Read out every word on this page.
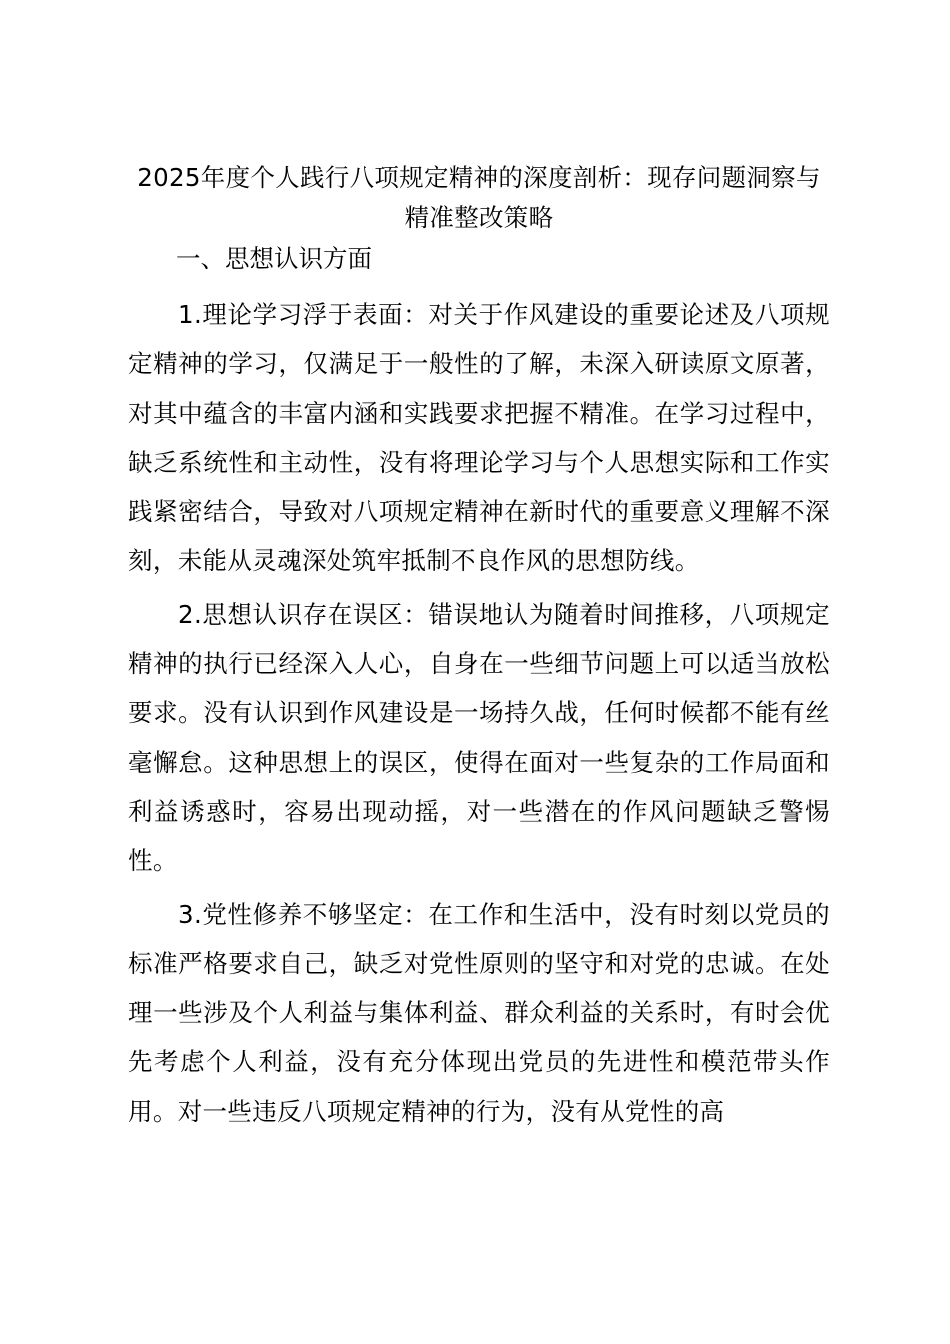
2025年度个人践行八项规定精神的深度剖析：现存问题洞察与
精准整改策略
一、思想认识方面

1.理论学习浮于表面：对关于作风建设的重要论述及八项规定精神的学习，仅满足于一般性的了解，未深入研读原文原著，对其中蕴含的丰富内涵和实践要求把握不精准。在学习过程中，缺乏系统性和主动性，没有将理论学习与个人思想实际和工作实践紧密结合，导致对八项规定精神在新时代的重要意义理解不深刻，未能从灵魂深处筑牢抵制不良作风的思想防线。

2.思想认识存在误区：错误地认为随着时间推移，八项规定精神的执行已经深入人心，自身在一些细节问题上可以适当放松要求。没有认识到作风建设是一场持久战，任何时候都不能有丝毫懈怠。这种思想上的误区，使得在面对一些复杂的工作局面和利益诱惑时，容易出现动摇，对一些潜在的作风问题缺乏警惕性。

3.党性修养不够坚定：在工作和生活中，没有时刻以党员的标准严格要求自己，缺乏对党性原则的坚守和对党的忠诚。在处理一些涉及个人利益与集体利益、群众利益的关系时，有时会优先考虑个人利益，没有充分体现出党员的先进性和模范带头作用。对一些违反八项规定精神的行为，没有从党性的高
